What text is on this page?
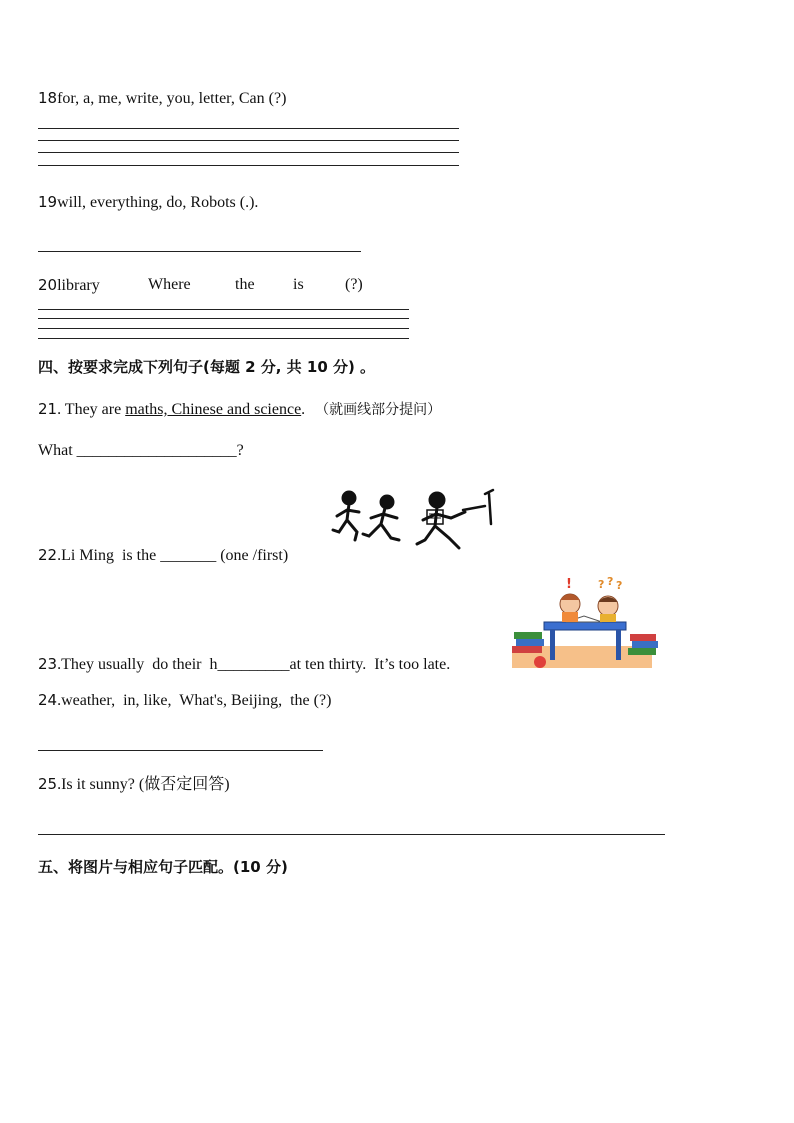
18for, a, me, write, you, letter, Can (?)
19will, everything, do, Robots (.).
20library	Where	the is	(?)
四、按要求完成下列句子(每题 2 分, 共 10 分) 。
21. They are maths, Chinese and science. （就画线部分提问）
What ____________________?
22.Li Ming  is the _______ (one /first)
23.They usually  do their  h_________at ten thirty.  It’s too late.
! ? ? ?
24.weather,  in, like,  What's, Beijing,  the (?)
25.Is it sunny? (做否定回答)
五、将图片与相应句子匹配。(10 分)
